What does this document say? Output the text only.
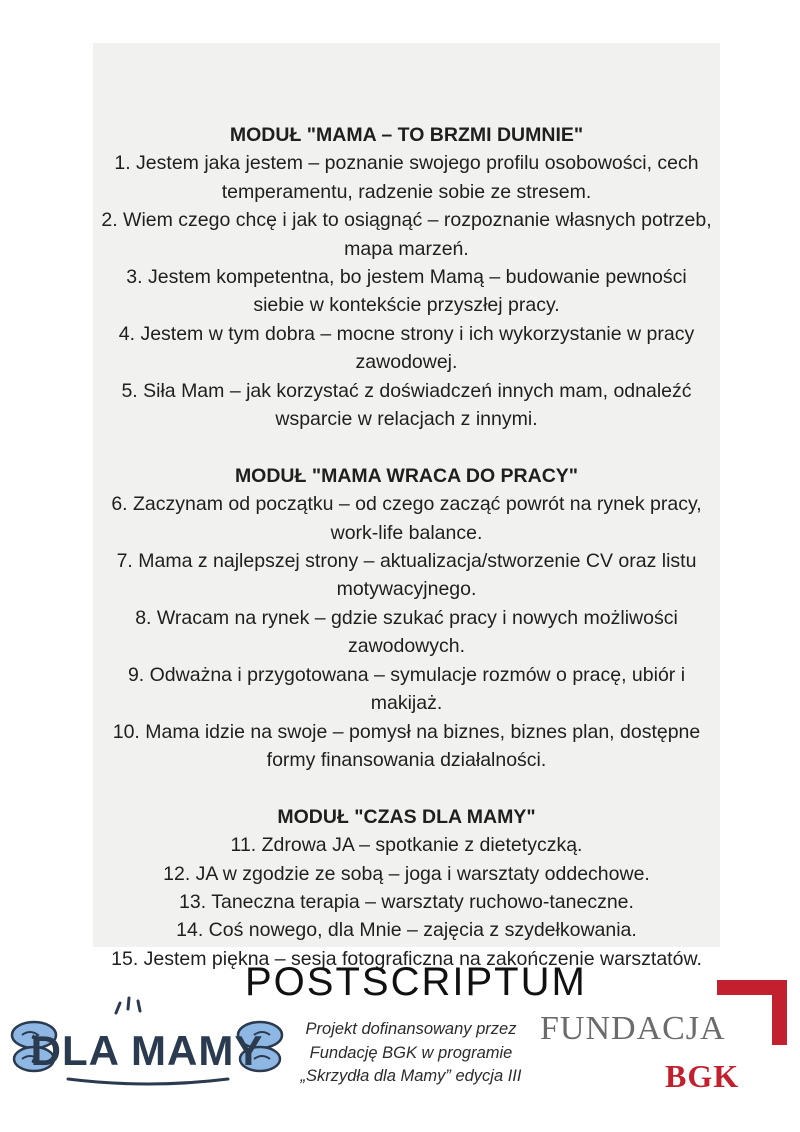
MODUŁ "MAMA – TO BRZMI DUMNIE"

1. Jestem jaka jestem – poznanie swojego profilu osobowości, cech
temperamentu, radzenie sobie ze stresem.
2. Wiem czego chcę i jak to osiągnąć – rozpoznanie własnych potrzeb,
mapa marzeń.
3. Jestem kompetentna, bo jestem Mamą – budowanie pewności
siebie w kontekście przyszłej pracy.
4. Jestem w tym dobra – mocne strony i ich wykorzystanie w pracy
zawodowej.
5. Siła Mam – jak korzystać z doświadczeń innych mam, odnaleźć
wsparcie w relacjach z innymi.

MODUŁ "MAMA WRACA DO PRACY"

6. Zaczynam od początku – od czego zacząć powrót na rynek pracy,
work-life balance.
7. Mama z najlepszej strony – aktualizacja/stworzenie CV oraz listu
motywacyjnego.
8. Wracam na rynek – gdzie szukać pracy i nowych możliwości
zawodowych.
9. Odważna i przygotowana – symulacje rozmów o pracę, ubiór i
makijaż.
10. Mama idzie na swoje – pomysł na biznes, biznes plan, dostępne
formy finansowania działalności.

MODUŁ "CZAS DLA MAMY"

11. Zdrowa JA – spotkanie z dietetyczką.
12. JA w zgodzie ze sobą – joga i warsztaty oddechowe.
13. Taneczna terapia – warsztaty ruchowo-taneczne.
14. Coś nowego, dla Mnie – zajęcia z szydełkowania.
15. Jestem piękna – sesja fotograficzna na zakończenie warsztatów.
POSTSCRIPTUM
DLA MAMY	Projekt dofinansowany przez
Fundację BGK w programie
„Skrzydła dla Mamy” edycja III
FUNDACJA
BGK
